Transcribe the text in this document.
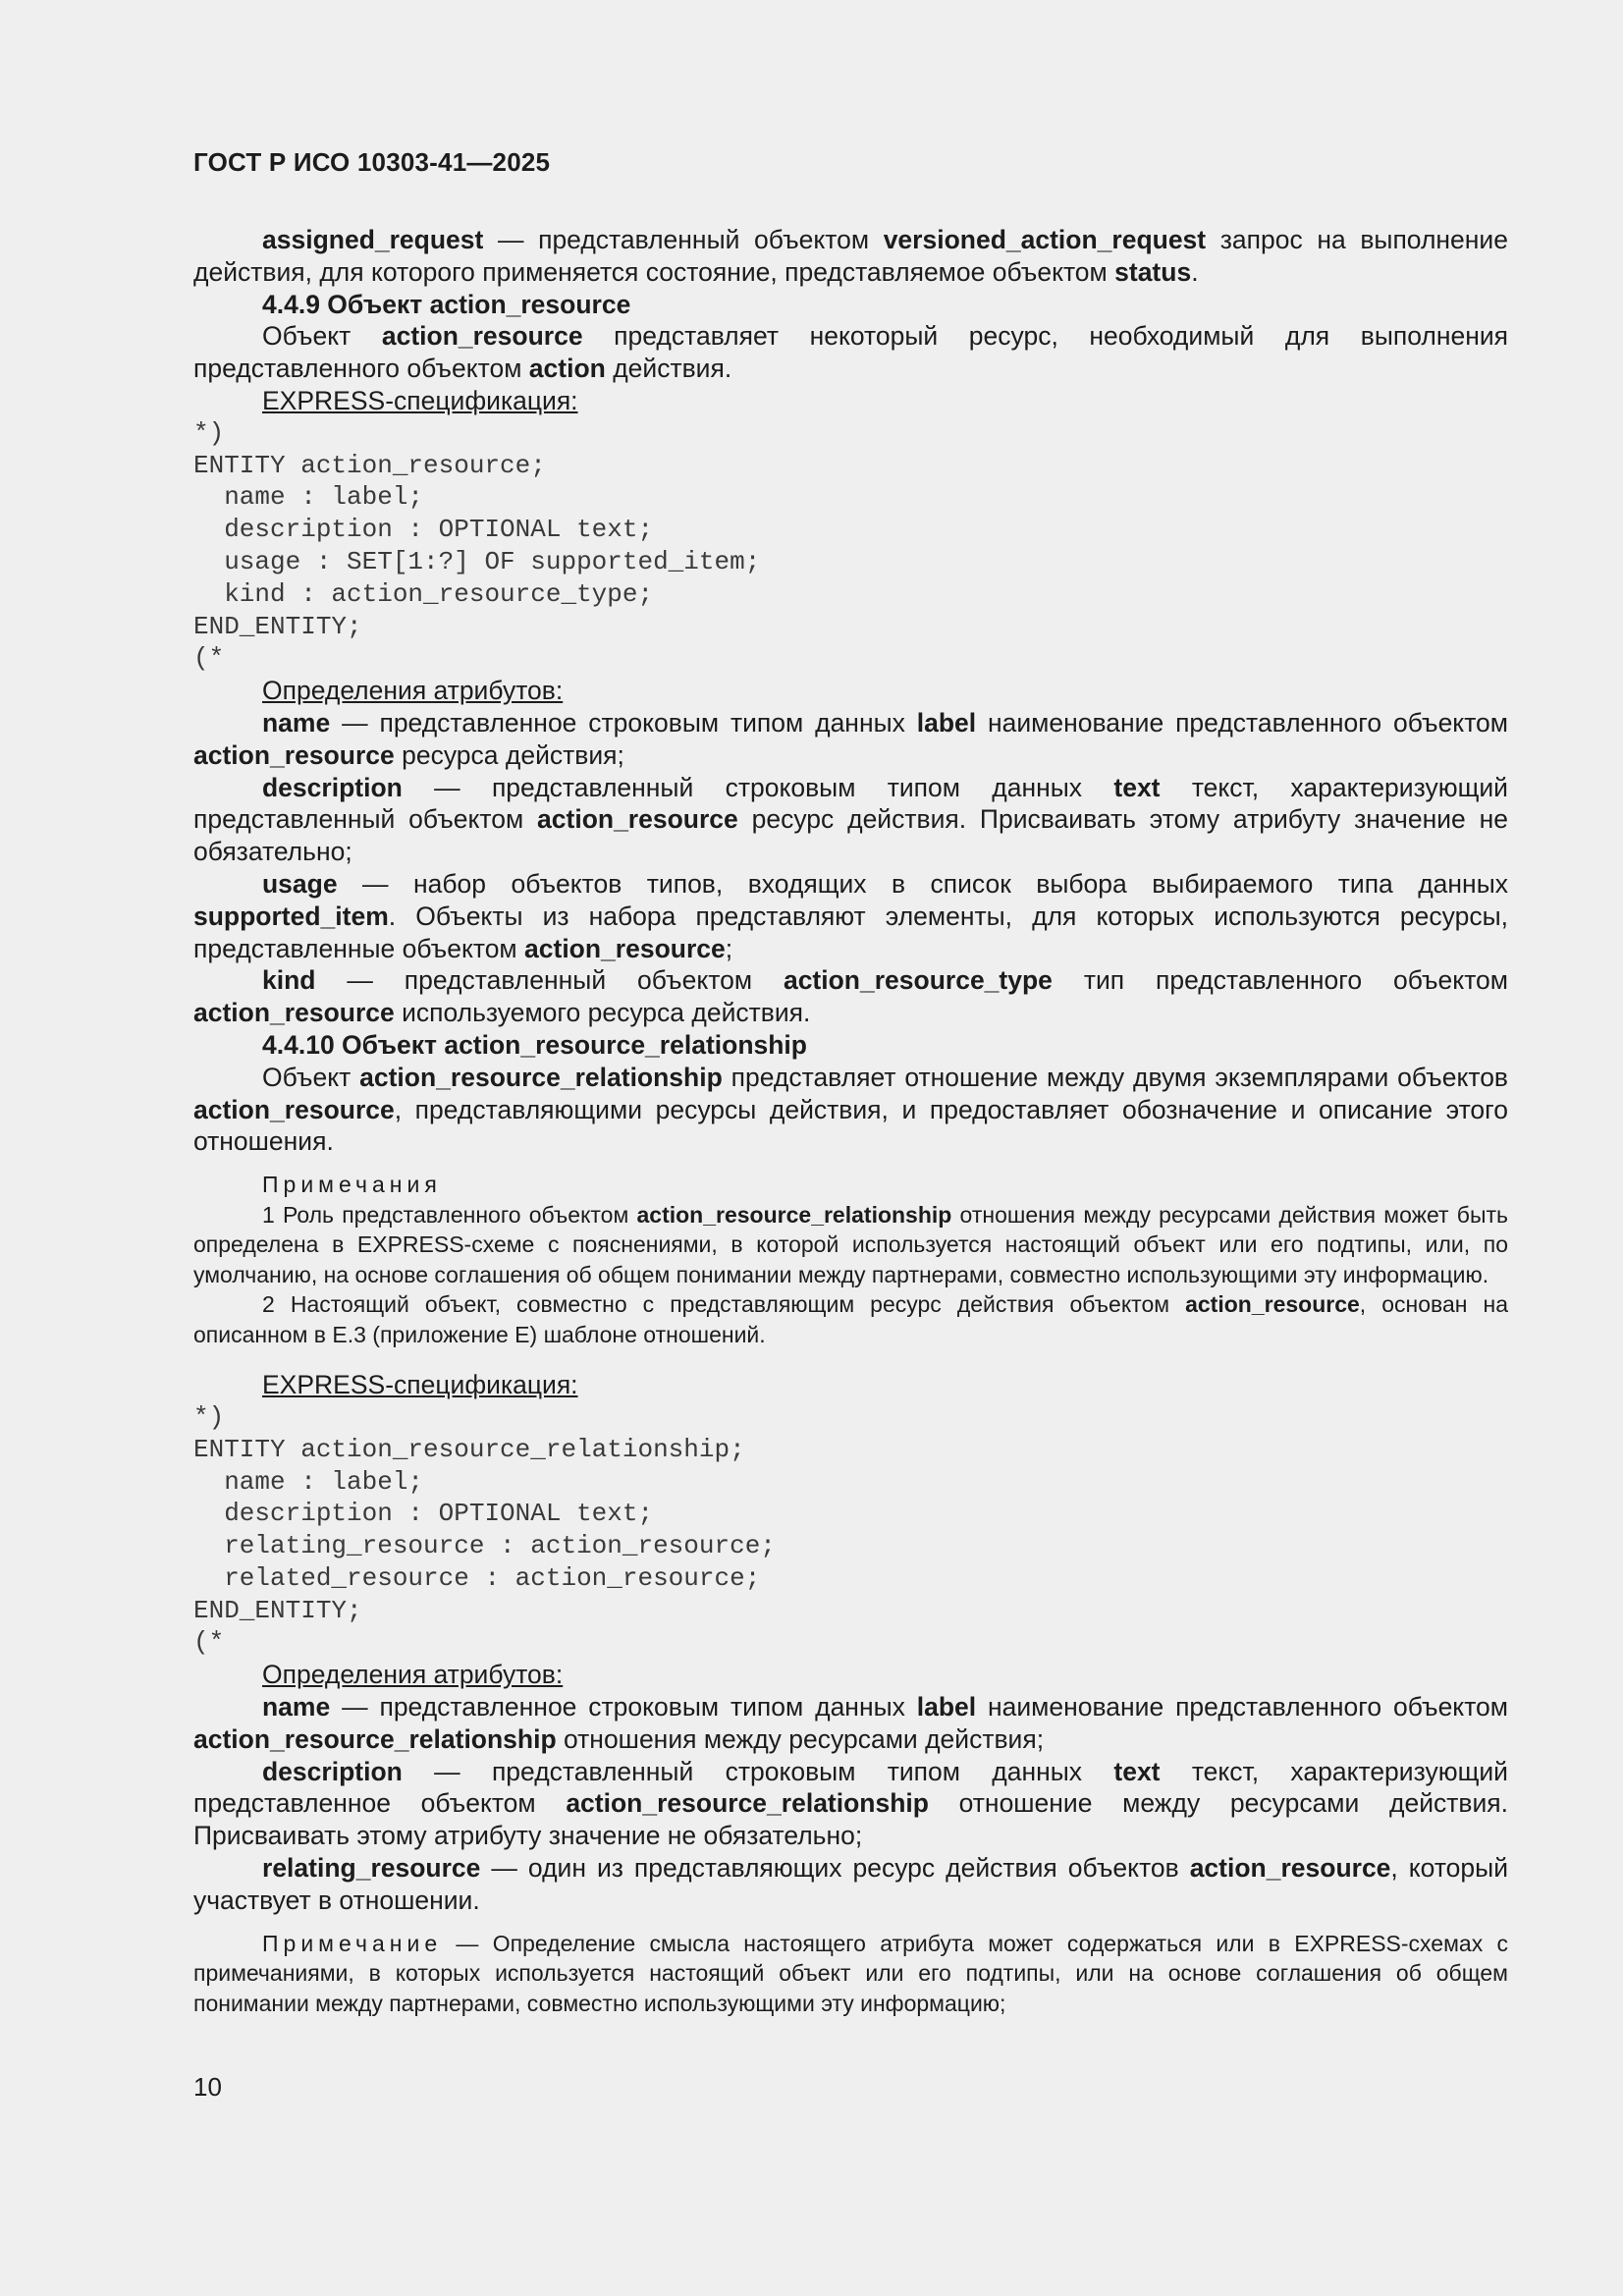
ГОСТ Р ИСО 10303-41—2025

assigned_request — представленный объектом versioned_action_request запрос на выполнение действия, для которого применяется состояние, представляемое объектом status.

4.4.9 Объект action_resource

Объект action_resource представляет некоторый ресурс, необходимый для выполнения представленного объектом action действия.

EXPRESS-спецификация:

*)
ENTITY action_resource;
name : label;
description : OPTIONAL text;
usage : SET[1:?] OF supported_item;
kind : action_resource_type;
END_ENTITY;
(*

Определения атрибутов:

name — представленное строковым типом данных label наименование представленного объектом action_resource ресурса действия;

description — представленный строковым типом данных text текст, характеризующий представленный объектом action_resource ресурс действия. Присваивать этому атрибуту значение не обязательно;

usage — набор объектов типов, входящих в список выбора выбираемого типа данных supported_item. Объекты из набора представляют элементы, для которых используются ресурсы, представленные объектом action_resource;

kind — представленный объектом action_resource_type тип представленного объектом action_resource используемого ресурса действия.

4.4.10 Объект action_resource_relationship

Объект action_resource_relationship представляет отношение между двумя экземплярами объектов action_resource, представляющими ресурсы действия, и предоставляет обозначение и описание этого отношения.

Примечания

1 Роль представленного объектом action_resource_relationship отношения между ресурсами действия может быть определена в EXPRESS-схеме с пояснениями, в которой используется настоящий объект или его подтипы, или, по умолчанию, на основе соглашения об общем понимании между партнерами, совместно использующими эту информацию.

2 Настоящий объект, совместно с представляющим ресурс действия объектом action_resource, основан на описанном в Е.3 (приложение Е) шаблоне отношений.

EXPRESS-спецификация:

*)
ENTITY action_resource_relationship;
name : label;
description : OPTIONAL text;
relating_resource : action_resource;
related_resource : action_resource;
END_ENTITY;
(*

Определения атрибутов:

name — представленное строковым типом данных label наименование представленного объектом action_resource_relationship отношения между ресурсами действия;

description — представленный строковым типом данных text текст, характеризующий представленное объектом action_resource_relationship отношение между ресурсами действия. Присваивать этому атрибуту значение не обязательно;

relating_resource — один из представляющих ресурс действия объектов action_resource, который участвует в отношении.

Примечание — Определение смысла настоящего атрибута может содержаться или в EXPRESS-схемах с примечаниями, в которых используется настоящий объект или его подтипы, или на основе соглашения об общем понимании между партнерами, совместно использующими эту информацию;

10
